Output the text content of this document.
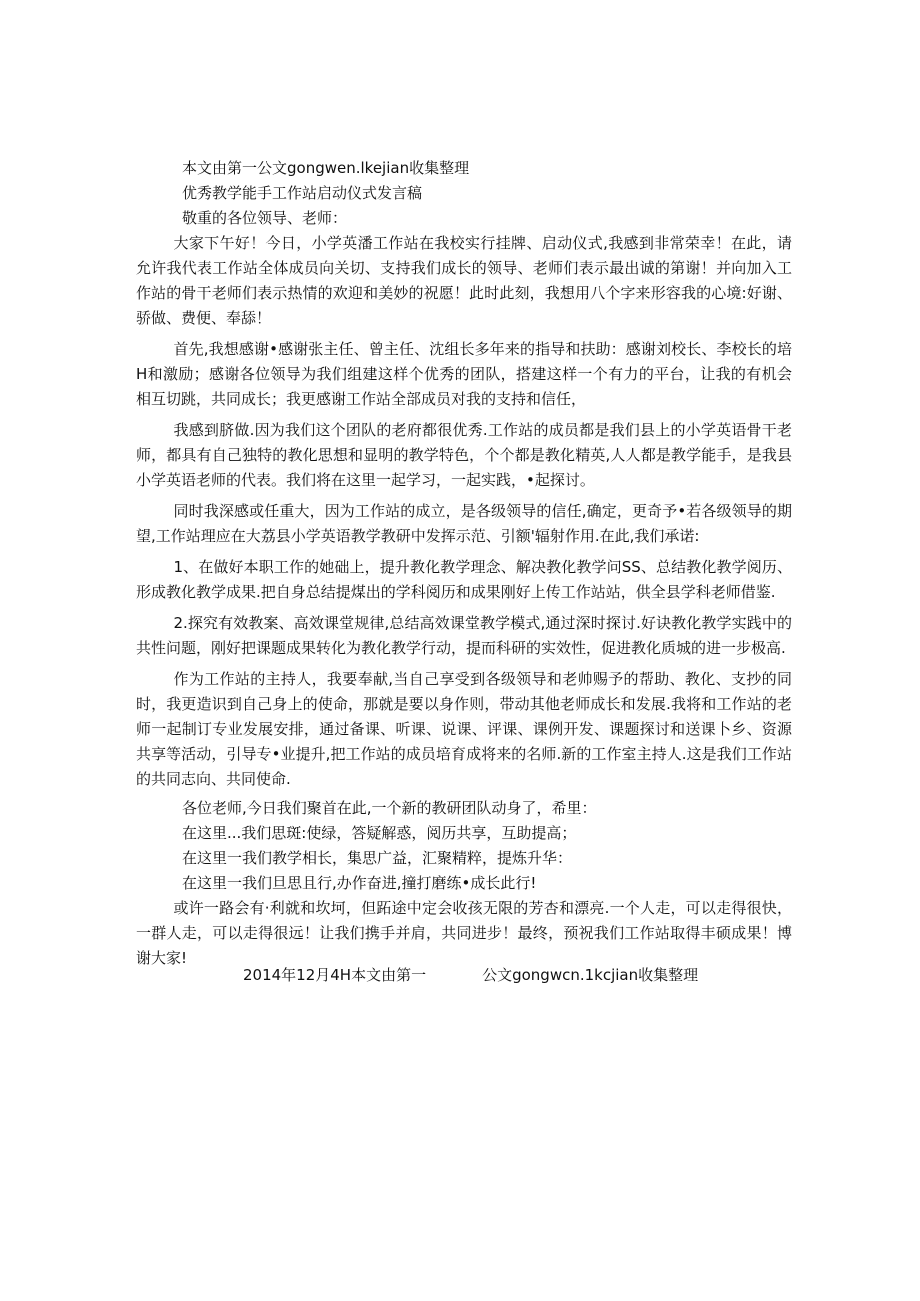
本文由第一公文gongwen.lkejian收集整理

优秀教学能手工作站启动仪式发言稿

敬重的各位领导、老师：

大家下午好！今日，小学英潘工作站在我校实行挂牌、启动仪式,我感到非常荣幸！在此，请允许我代表工作站全体成员向关切、支持我们成长的领导、老师们表示最出诚的第谢！并向加入工作站的骨干老师们表示热情的欢迎和美妙的祝愿！此时此刻，我想用八个字来形容我的心境:好谢、骄做、费便、奉舔！

首先,我想感谢•感谢张主任、曾主任、沈组长多年来的指导和扶助：感谢刘校长、李校长的培H和激励；感谢各位领导为我们组建这样个优秀的团队，搭建这样一个有力的平台，让我的有机会相互切跳，共同成长；我更感谢工作站全部成员对我的支持和信任，

我感到脐做.因为我们这个团队的老府都很优秀.工作站的成员都是我们县上的小学英语骨干老师，都具有自己独特的教化思想和显明的教学特色，个个都是教化精英,人人都是教学能手，是我县小学英语老师的代表。我们将在这里一起学习，一起实践，•起探讨。

同时我深感或任重大，因为工作站的成立，是各级领导的信任,确定，更奇予•若各级领导的期望,工作站理应在大荔县小学英语教学教研中发挥示范、引额'辐射作用.在此,我们承诺:

1、在做好本职工作的她础上，提升教化教学理念、解决教化教学问SS、总结教化教学阅历、形成教化教学成果.把自身总结提煤出的学科阅历和成果刚好上传工作站站，供全县学科老师借鉴.

2.探究有效教案、高效课堂规律,总结高效课堂教学模式,通过深时探讨.好诀教化教学实践中的共性问题，刚好把课题成果转化为教化教学行动，提而科研的实效性，促进教化质城的进一步极高.

作为工作站的主持人，我要奉献,当自己享受到各级领导和老帅赐予的帮助、教化、支抄的同时，我更造识到自己身上的使命，那就是要以身作则，带动其他老师成长和发展.我将和工作站的老师一起制订专业发展安排，通过备课、听课、说课、评课、课例开发、课题探讨和送课卜乡、资源共享等活动，引导专•业提升,把工作站的成员培育成将来的名师.新的工作室主持人.这是我们工作站的共同志向、共同使命.

各位老师,今日我们聚首在此,一个新的教研团队动身了，希里：

在这里...我们思斑:使绿，答疑解惑，阅历共享，互助提高；

在这里一我们教学相长，集思广益，汇聚精粹，提炼升华：

在这里一我们旦思且行,办作奋进,撞打磨练•成长此行!

或许一路会有·利就和坎坷，但跖途中定会收孩无限的芳杏和漂亮.一个人走，可以走得很快，一群人走，可以走得很远！让我们携手并肩，共同进步！最终，预祝我们工作站取得丰硕成果！博谢大家!

2014年12月4H本文由第一	公文gongwcn.1kcjian收集整理
